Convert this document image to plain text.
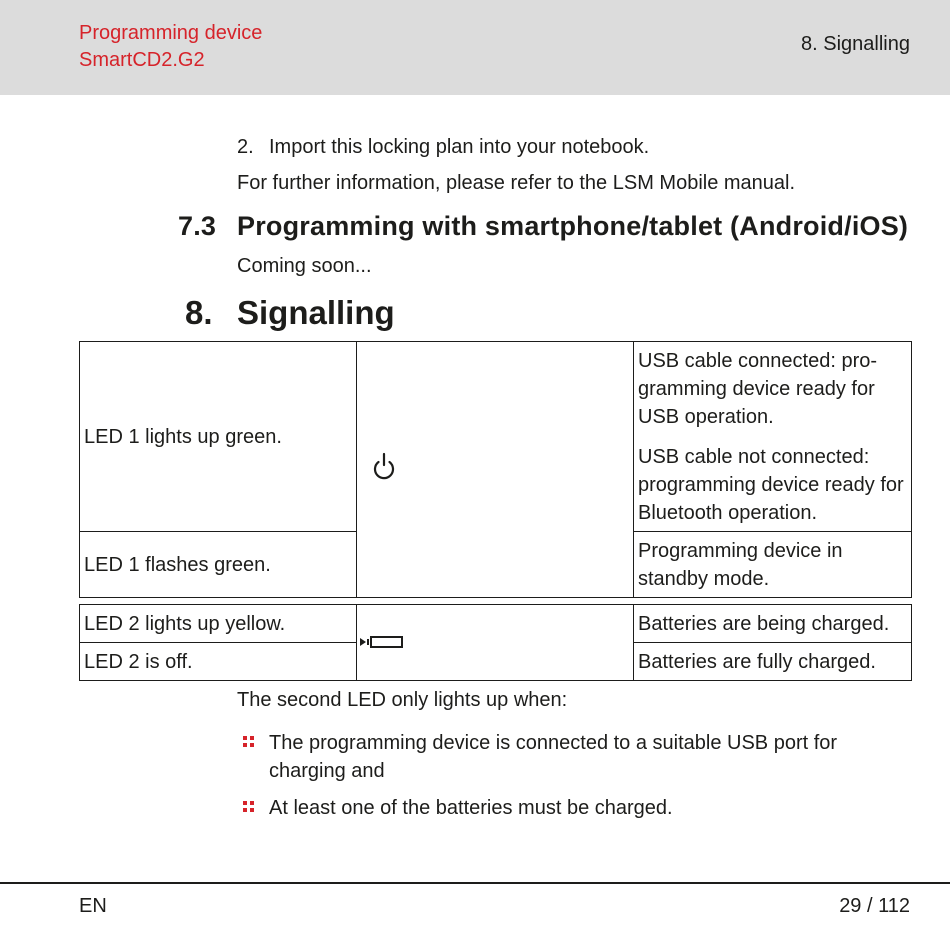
Programming device
SmartCD2.G2
8. Signalling
2. Import this locking plan into your notebook.
For further information, please refer to the LSM Mobile manual.
7.3 Programming with smartphone/tablet (Android/iOS)
Coming soon...
8. Signalling
LED 1 lights up green.		USB cable connected: pro-gramming device ready for USB operation.
USB cable not connected: programming device ready for Bluetooth operation.

LED 1 flashes green.		Programming device in standby mode.
LED 2 lights up yellow.		Batteries are being charged.
LED 2 is off.		Batteries are fully charged.
The second LED only lights up when:
The programming device is connected to a suitable USB port for charging and
At least one of the batteries must be charged.
EN	29 / 112
